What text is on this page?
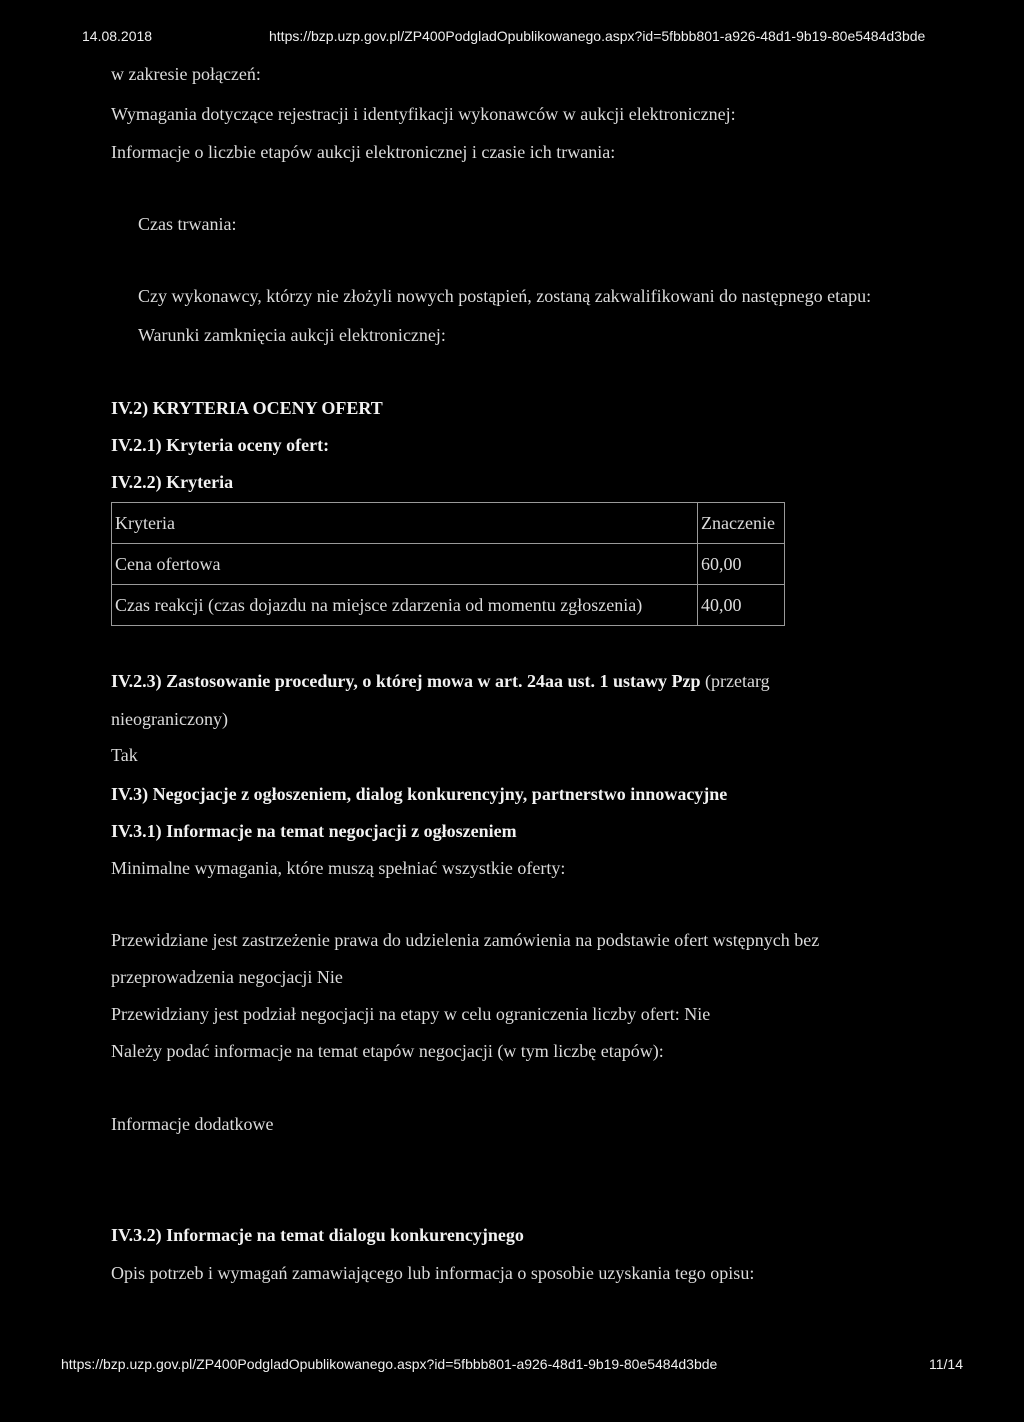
14.08.2018	https://bzp.uzp.gov.pl/ZP400PodgladOpublikowanego.aspx?id=5fbbb801-a926-48d1-9b19-80e5484d3bde
w zakresie połączeń:
Wymagania dotyczące rejestracji i identyfikacji wykonawców w aukcji elektronicznej:
Informacje o liczbie etapów aukcji elektronicznej i czasie ich trwania:
Czas trwania:
Czy wykonawcy, którzy nie złożyli nowych postąpień, zostaną zakwalifikowani do następnego etapu:
Warunki zamknięcia aukcji elektronicznej:
IV.2) KRYTERIA OCENY OFERT
IV.2.1) Kryteria oceny ofert:
IV.2.2) Kryteria
Kryteria	Znaczenie
Cena ofertowa	60,00
Czas reakcji (czas dojazdu na miejsce zdarzenia od momentu zgłoszenia)	40,00
IV.2.3) Zastosowanie procedury, o której mowa w art. 24aa ust. 1 ustawy Pzp (przetarg
nieograniczony)
Tak
IV.3) Negocjacje z ogłoszeniem, dialog konkurencyjny, partnerstwo innowacyjne
IV.3.1) Informacje na temat negocjacji z ogłoszeniem
Minimalne wymagania, które muszą spełniać wszystkie oferty:
Przewidziane jest zastrzeżenie prawa do udzielenia zamówienia na podstawie ofert wstępnych bez
przeprowadzenia negocjacji Nie
Przewidziany jest podział negocjacji na etapy w celu ograniczenia liczby ofert: Nie
Należy podać informacje na temat etapów negocjacji (w tym liczbę etapów):
Informacje dodatkowe
IV.3.2) Informacje na temat dialogu konkurencyjnego
Opis potrzeb i wymagań zamawiającego lub informacja o sposobie uzyskania tego opisu:
https://bzp.uzp.gov.pl/ZP400PodgladOpublikowanego.aspx?id=5fbbb801-a926-48d1-9b19-80e5484d3bde	11/14
